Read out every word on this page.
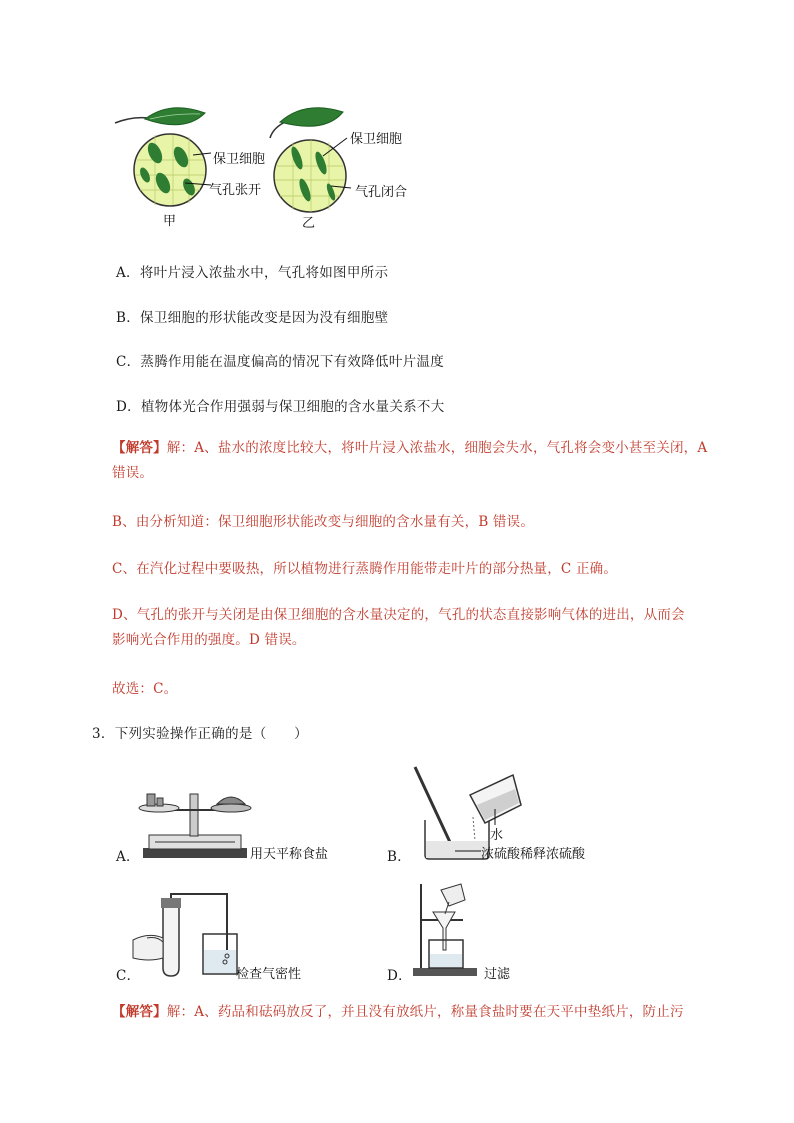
保卫细胞
气孔张开
甲
保卫细胞
气孔闭合
乙
A．将叶片浸入浓盐水中，气孔将如图甲所示
B．保卫细胞的形状能改变是因为没有细胞壁
C．蒸腾作用能在温度偏高的情况下有效降低叶片温度
D．植物体光合作用强弱与保卫细胞的含水量关系不大
【解答】解：A、盐水的浓度比较大，将叶片浸入浓盐水，细胞会失水，气孔将会变小甚至关闭，A
错误。
B、由分析知道：保卫细胞形状能改变与细胞的含水量有关，B 错误。
C、在汽化过程中要吸热，所以植物进行蒸腾作用能带走叶片的部分热量，C 正确。
D、气孔的张开与关闭是由保卫细胞的含水量决定的，气孔的状态直接影响气体的进出，从而会
影响光合作用的强度。D 错误。
故选：C。
3．下列实验操作正确的是（　　）
A．	用天平称食盐
水
B．	浓硫酸稀释浓硫酸
C．	检查气密性	D．	过滤
【解答】解：A、药品和砝码放反了，并且没有放纸片，称量食盐时要在天平中垫纸片，防止污
